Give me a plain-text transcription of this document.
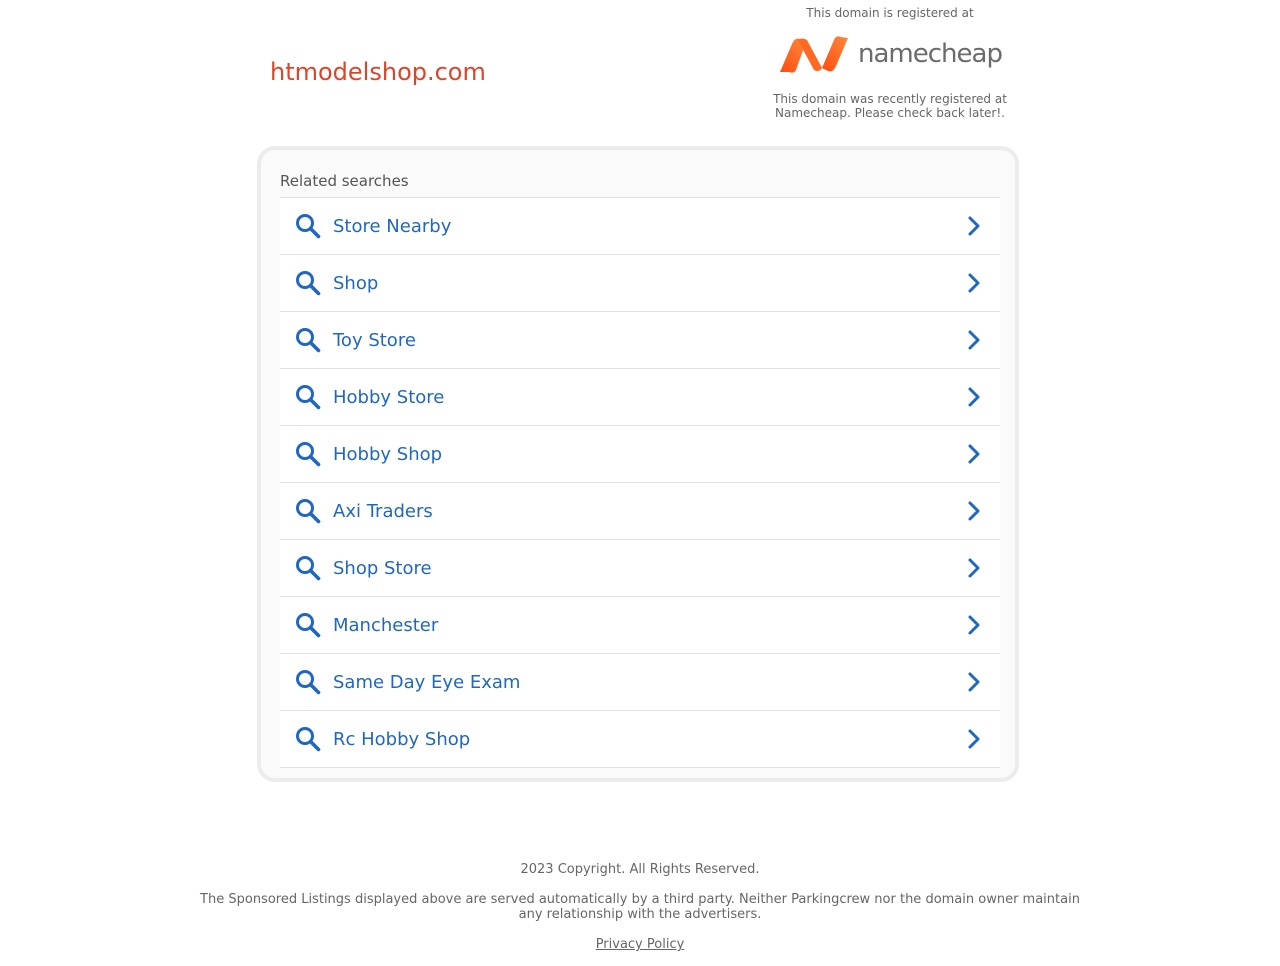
htmodelshop.com
This domain is registered at
namecheap
This domain was recently registered at Namecheap. Please check back later!.
Related searches
Store Nearby
Shop
Toy Store
Hobby Store
Hobby Shop
Axi Traders
Shop Store
Manchester
Same Day Eye Exam
Rc Hobby Shop
2023 Copyright. All Rights Reserved.
The Sponsored Listings displayed above are served automatically by a third party. Neither Parkingcrew nor the domain owner maintain any relationship with the advertisers.
Privacy Policy
